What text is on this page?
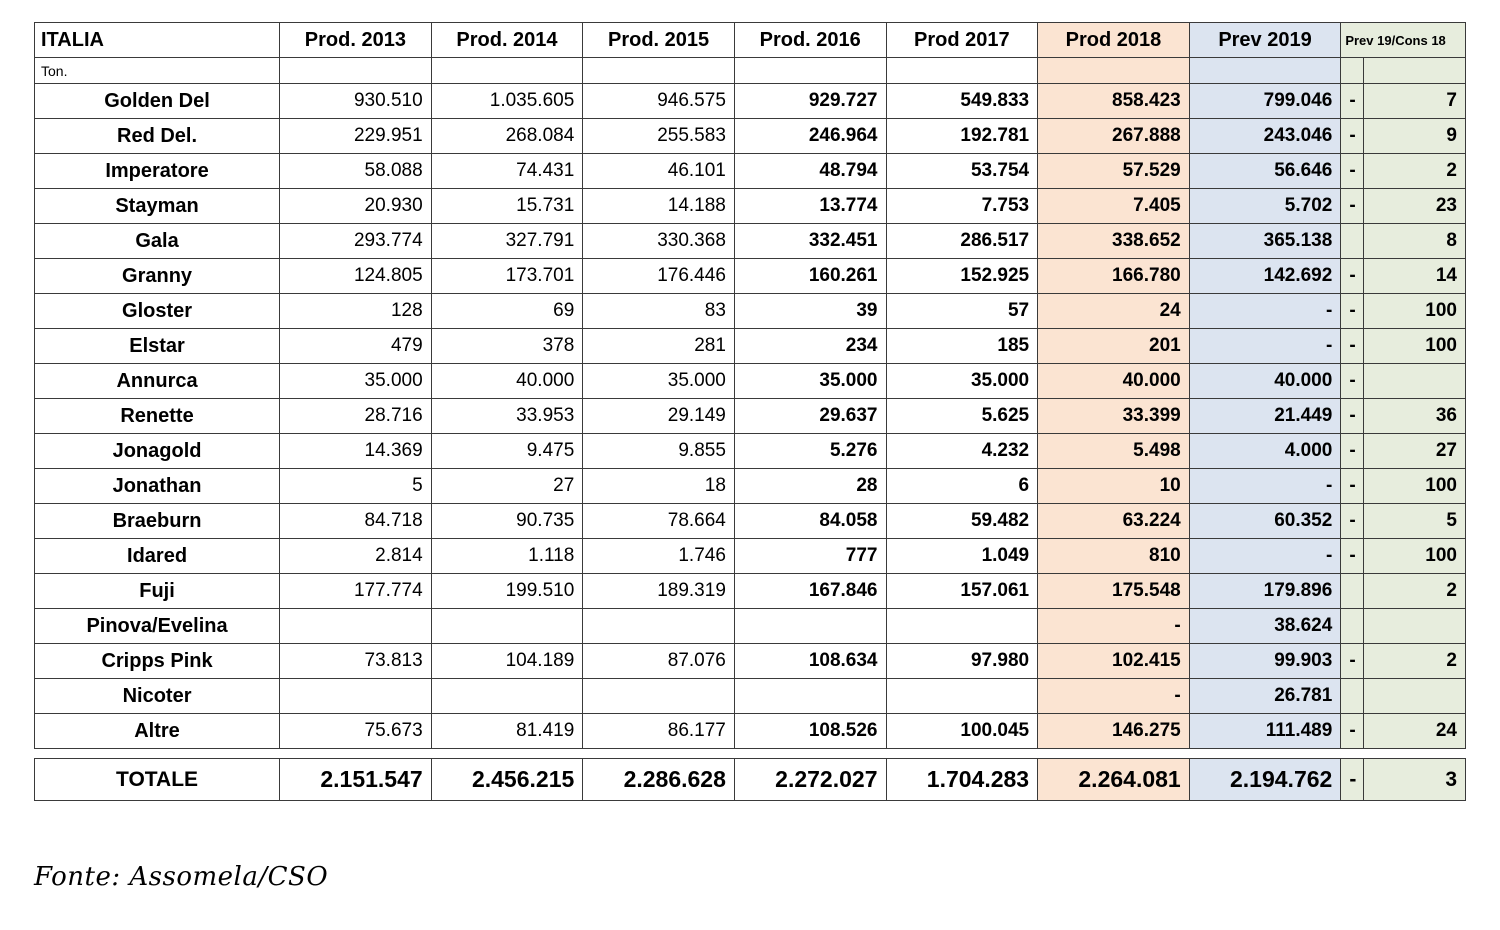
ITALIA	Prod. 2013	Prod. 2014	Prod. 2015	Prod. 2016	Prod 2017	Prod 2018	Prev 2019	Prev 19/Cons 18	
Ton.									
Golden Del	930.510	1.035.605	946.575	929.727	549.833	858.423	799.046	-	7
Red Del.	229.951	268.084	255.583	246.964	192.781	267.888	243.046	-	9
Imperatore	58.088	74.431	46.101	48.794	53.754	57.529	56.646	-	2
Stayman	20.930	15.731	14.188	13.774	7.753	7.405	5.702	-	23
Gala	293.774	327.791	330.368	332.451	286.517	338.652	365.138		8
Granny	124.805	173.701	176.446	160.261	152.925	166.780	142.692	-	14
Gloster	128	69	83	39	57	24	-	-	100
Elstar	479	378	281	234	185	201	-	-	100
Annurca	35.000	40.000	35.000	35.000	35.000	40.000	40.000	-	
Renette	28.716	33.953	29.149	29.637	5.625	33.399	21.449	-	36
Jonagold	14.369	9.475	9.855	5.276	4.232	5.498	4.000	-	27
Jonathan	5	27	18	28	6	10	-	-	100
Braeburn	84.718	90.735	78.664	84.058	59.482	63.224	60.352	-	5
Idared	2.814	1.118	1.746	777	1.049	810	-	-	100
Fuji	177.774	199.510	189.319	167.846	157.061	175.548	179.896		2
Pinova/Evelina						-	38.624		
Cripps Pink	73.813	104.189	87.076	108.634	97.980	102.415	99.903	-	2
Nicoter						-	26.781		
Altre	75.673	81.419	86.177	108.526	100.045	146.275	111.489	-	24

TOTALE	2.151.547	2.456.215	2.286.628	2.272.027	1.704.283	2.264.081	2.194.762	-	3
Fonte: Assomela/CSO
